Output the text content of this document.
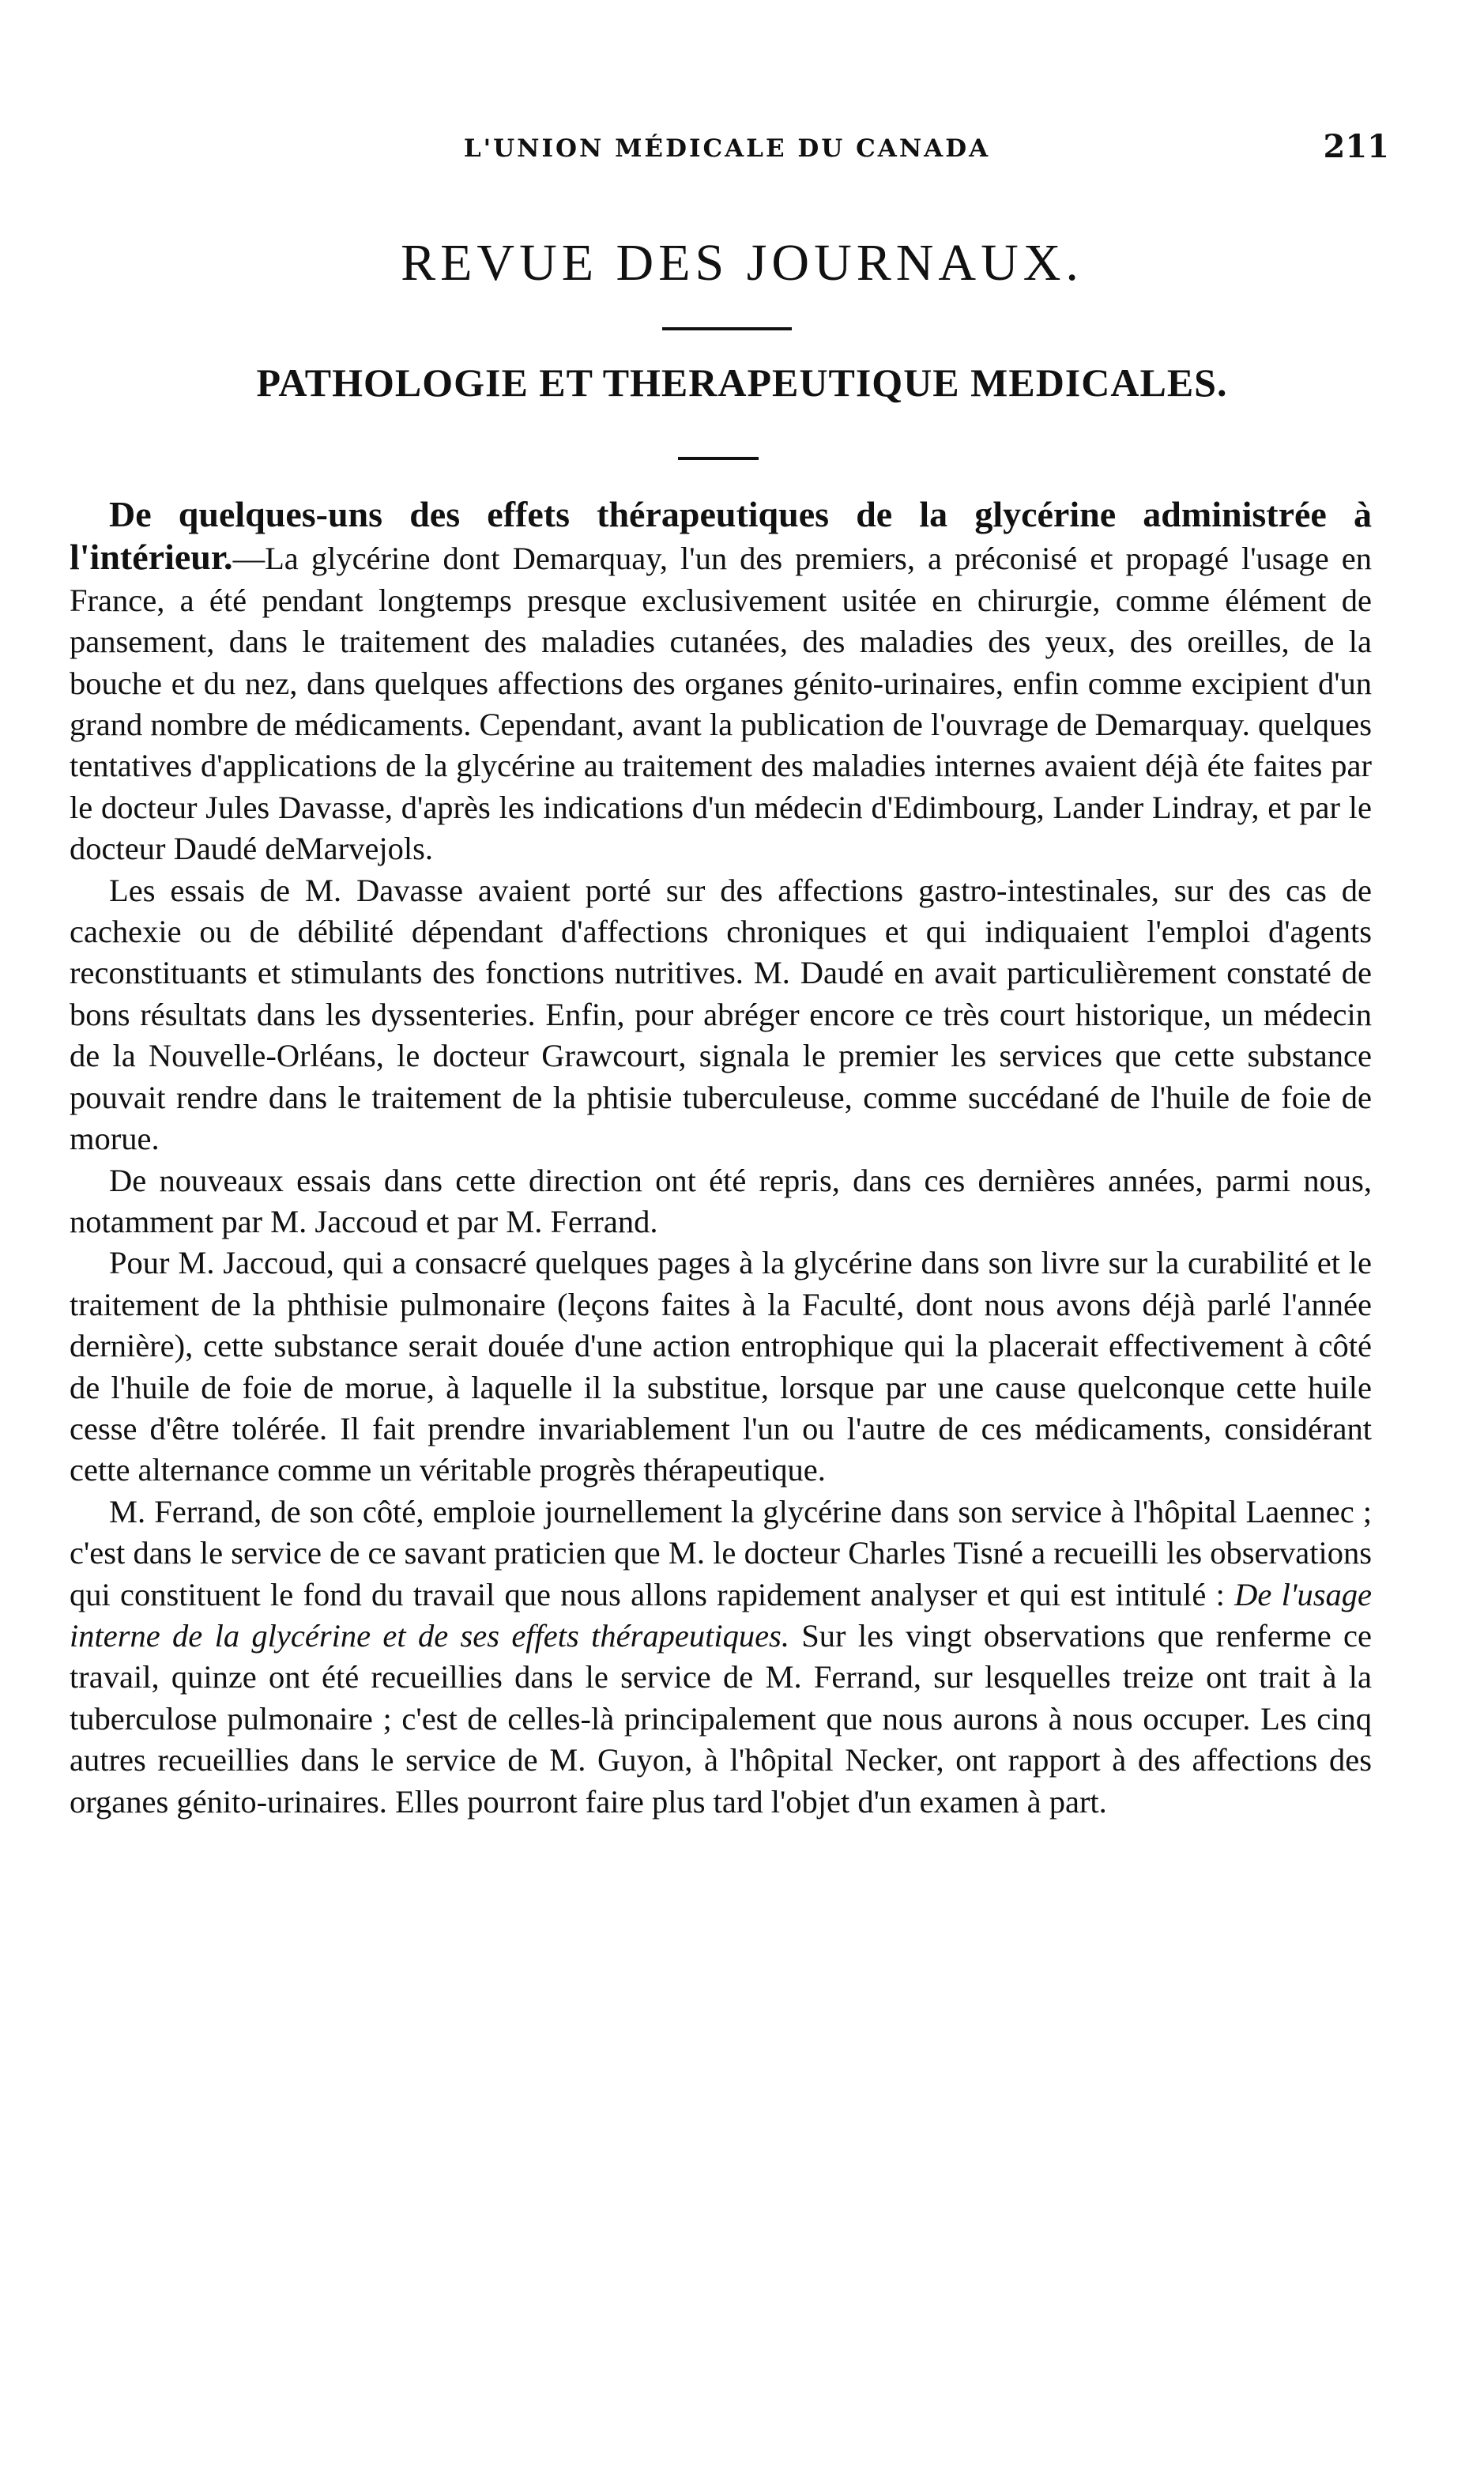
L'UNION MÉDICALE DU CANADA	211
REVUE DES JOURNAUX.
PATHOLOGIE ET THERAPEUTIQUE MEDICALES.

De quelques-uns des effets thérapeutiques de la glycérine administrée à l'intérieur.—La glycérine dont Demarquay, l'un des premiers, a préconisé et propagé l'usage en France, a été pendant longtemps presque exclusivement usitée en chirurgie, comme élément de pansement, dans le traitement des maladies cutanées, des maladies des yeux, des oreilles, de la bouche et du nez, dans quelques affections des organes génito-urinaires, enfin comme excipient d'un grand nombre de médicaments. Cependant, avant la publication de l'ouvrage de Demarquay. quelques tentatives d'applications de la glycérine au traitement des maladies internes avaient déjà éte faites par le docteur Jules Davasse, d'après les indications d'un médecin d'Edimbourg, Lander Lindray, et par le docteur Daudé deMarvejols.

Les essais de M. Davasse avaient porté sur des affections gastro-intestinales, sur des cas de cachexie ou de débilité dépendant d'affections chroniques et qui indiquaient l'emploi d'agents reconstituants et stimulants des fonctions nutritives. M. Daudé en avait particulièrement constaté de bons résultats dans les dyssenteries. Enfin, pour abréger encore ce très court historique, un médecin de la Nouvelle-Orléans, le docteur Grawcourt, signala le premier les services que cette substance pouvait rendre dans le traitement de la phtisie tuberculeuse, comme succédané de l'huile de foie de morue.

De nouveaux essais dans cette direction ont été repris, dans ces dernières années, parmi nous, notamment par M. Jaccoud et par M. Ferrand.

Pour M. Jaccoud, qui a consacré quelques pages à la glycérine dans son livre sur la curabilité et le traitement de la phthisie pulmonaire (leçons faites à la Faculté, dont nous avons déjà parlé l'année dernière), cette substance serait douée d'une action entrophique qui la placerait effectivement à côté de l'huile de foie de morue, à laquelle il la substitue, lorsque par une cause quelconque cette huile cesse d'être tolérée. Il fait prendre invariablement l'un ou l'autre de ces médicaments, considérant cette alternance comme un véritable progrès thérapeutique.

M. Ferrand, de son côté, emploie journellement la glycérine dans son service à l'hôpital Laennec ; c'est dans le service de ce savant praticien que M. le docteur Charles Tisné a recueilli les observations qui constituent le fond du travail que nous allons rapidement analyser et qui est intitulé : De l'usage interne de la glycérine et de ses effets thérapeutiques. Sur les vingt observations que renferme ce travail, quinze ont été recueillies dans le service de M. Ferrand, sur lesquelles treize ont trait à la tuberculose pulmonaire ; c'est de celles-là principalement que nous aurons à nous occuper. Les cinq autres recueillies dans le service de M. Guyon, à l'hôpital Necker, ont rapport à des affections des organes génito-urinaires. Elles pourront faire plus tard l'objet d'un examen à part.
